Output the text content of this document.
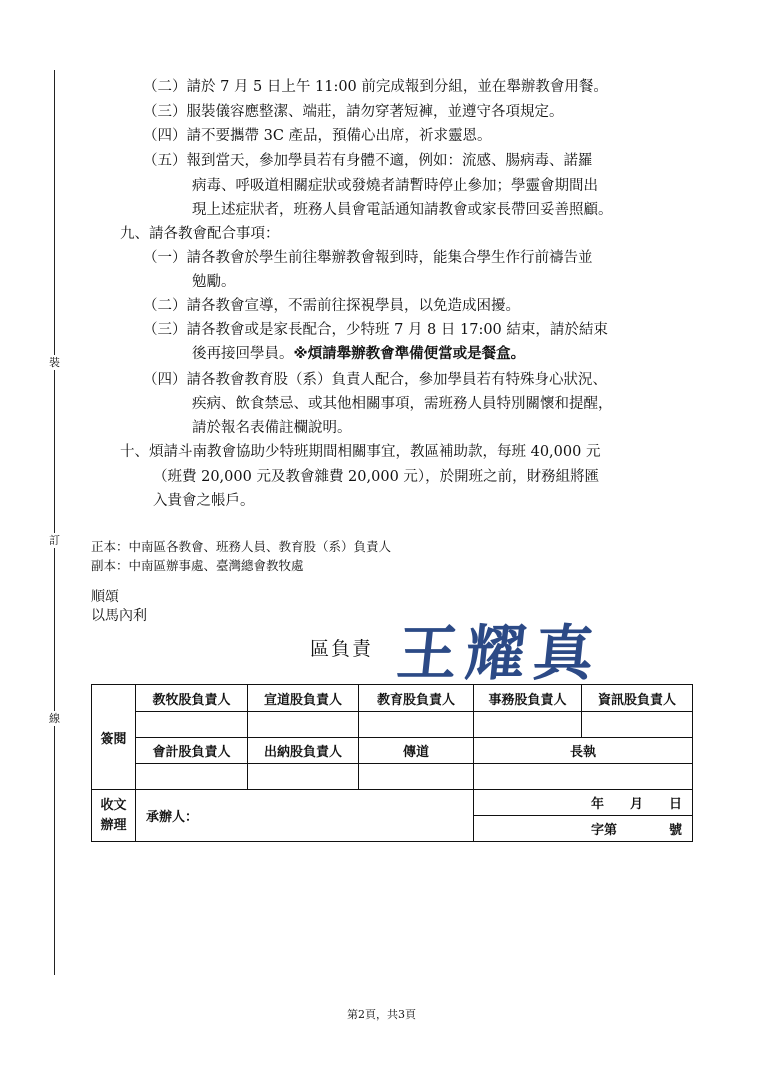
裝
訂
線
（二）請於 7 月 5 日上午 11:00 前完成報到分組，並在舉辦教會用餐。
（三）服裝儀容應整潔、端莊，請勿穿著短褲，並遵守各項規定。
（四）請不要攜帶 3C 產品，預備心出席，祈求靈恩。
（五）報到當天，參加學員若有身體不適，例如：流感、腸病毒、諾羅
病毒、呼吸道相關症狀或發燒者請暫時停止參加；學靈會期間出
現上述症狀者，班務人員會電話通知請教會或家長帶回妥善照顧。
九、請各教會配合事項：
（一）請各教會於學生前往舉辦教會報到時，能集合學生作行前禱告並
勉勵。
（二）請各教會宣導，不需前往探視學員，以免造成困擾。
（三）請各教會或是家長配合，少特班 7 月 8 日 17:00 結束，請於結束
後再接回學員。※煩請舉辦教會準備便當或是餐盒。
（四）請各教會教育股（系）負責人配合，參加學員若有特殊身心狀況、
疾病、飲食禁忌、或其他相關事項，需班務人員特別關懷和提醒，
請於報名表備註欄說明。
十、煩請斗南教會協助少特班期間相關事宜，教區補助款，每班 40,000 元
（班費 20,000 元及教會雜費 20,000 元），於開班之前，財務組將匯
入貴會之帳戶。
正本：中南區各教會、班務人員、教育股（系）負責人
副本：中南區辦事處、臺灣總會教牧處
順頌
以馬內利
區負責 王耀真
簽閱	教牧股負責人	宣道股負責人	教育股負責人	事務股負責人	資訊股負責人

	會計股負責人	出納股負責人	傳道	長執	

收文辦理	承辦人：			年　　月　　日	
				字第　　　　號	
第2頁，共3頁
